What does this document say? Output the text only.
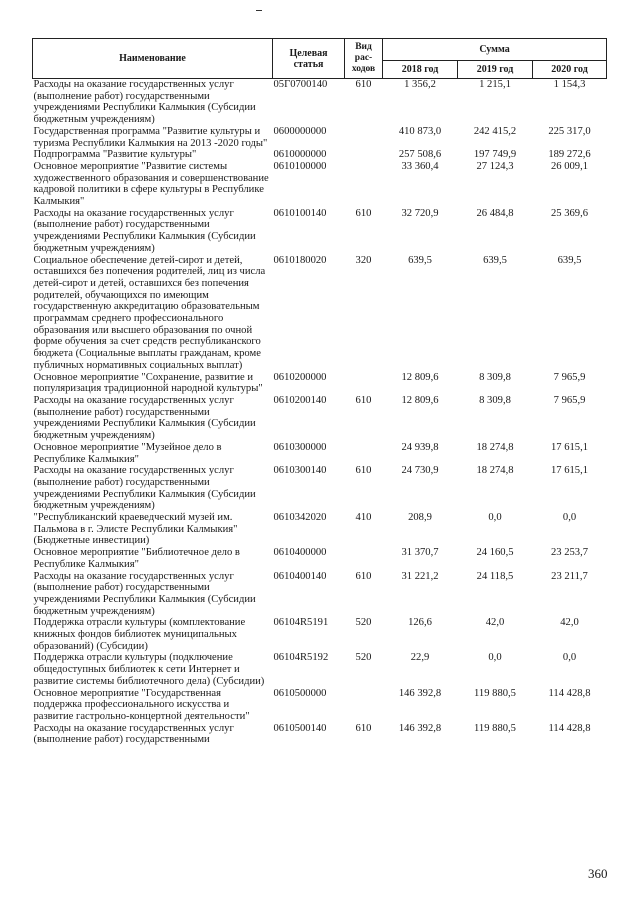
Наименование	Целевая статья	Вид рас-ходов	Сумма		
			2018 год	2019 год	2020 год
Расходы на оказание государственных услуг (выполнение работ) государственными учреждениями Республики Калмыкия (Субсидии бюджетным учреждениям)	05Г0700140	610	1 356,2	1 215,1	1 154,3
Государственная программа "Развитие культуры и туризма Республики Калмыкия на 2013 -2020 годы"	0600000000		410 873,0	242 415,2	225 317,0
Подпрограмма "Развитие культуры"	0610000000		257 508,6	197 749,9	189 272,6
Основное мероприятие "Развитие системы художественного образования и совершенствование кадровой политики в сфере культуры в Республике Калмыкия"	0610100000		33 360,4	27 124,3	26 009,1
Расходы на оказание государственных услуг (выполнение работ) государственными учреждениями Республики Калмыкия (Субсидии бюджетным учреждениям)	0610100140	610	32 720,9	26 484,8	25 369,6
Социальное обеспечение детей-сирот и детей, оставшихся без попечения родителей, лиц из числа детей-сирот и детей, оставшихся без попечения родителей, обучающихся по имеющим государственную аккредитацию образовательным программам среднего профессионального образования или высшего образования по очной форме обучения за счет средств республиканского бюджета (Социальные выплаты гражданам, кроме публичных нормативных социальных выплат)	0610180020	320	639,5	639,5	639,5
Основное мероприятие "Сохранение, развитие и популяризация традиционной народной культуры"	0610200000		12 809,6	8 309,8	7 965,9
Расходы на оказание государственных услуг (выполнение работ) государственными учреждениями Республики Калмыкия (Субсидии бюджетным учреждениям)	0610200140	610	12 809,6	8 309,8	7 965,9
Основное мероприятие "Музейное дело в Республике Калмыкия"	0610300000		24 939,8	18 274,8	17 615,1
Расходы на оказание государственных услуг (выполнение работ) государственными учреждениями Республики Калмыкия (Субсидии бюджетным учреждениям)	0610300140	610	24 730,9	18 274,8	17 615,1
"Республиканский краеведческий музей им. Пальмова в г. Элисте Республики Калмыкия" (Бюджетные инвестиции)	0610342020	410	208,9	0,0	0,0
Основное мероприятие "Библиотечное дело в Республике Калмыкия"	0610400000		31 370,7	24 160,5	23 253,7
Расходы на оказание государственных услуг (выполнение работ) государственными учреждениями Республики Калмыкия (Субсидии бюджетным учреждениям)	0610400140	610	31 221,2	24 118,5	23 211,7
Поддержка отрасли культуры (комплектование книжных фондов библиотек муниципальных образований) (Субсидии)	06104R5191	520	126,6	42,0	42,0
Поддержка отрасли культуры (подключение общедоступных библиотек к сети Интернет и развитие системы библиотечного дела) (Субсидии)	06104R5192	520	22,9	0,0	0,0
Основное мероприятие "Государственная поддержка профессионального искусства и развитие гастрольно-концертной деятельности"	0610500000		146 392,8	119 880,5	114 428,8
Расходы на оказание государственных услуг (выполнение работ) государственными	0610500140	610	146 392,8	119 880,5	114 428,8
360
